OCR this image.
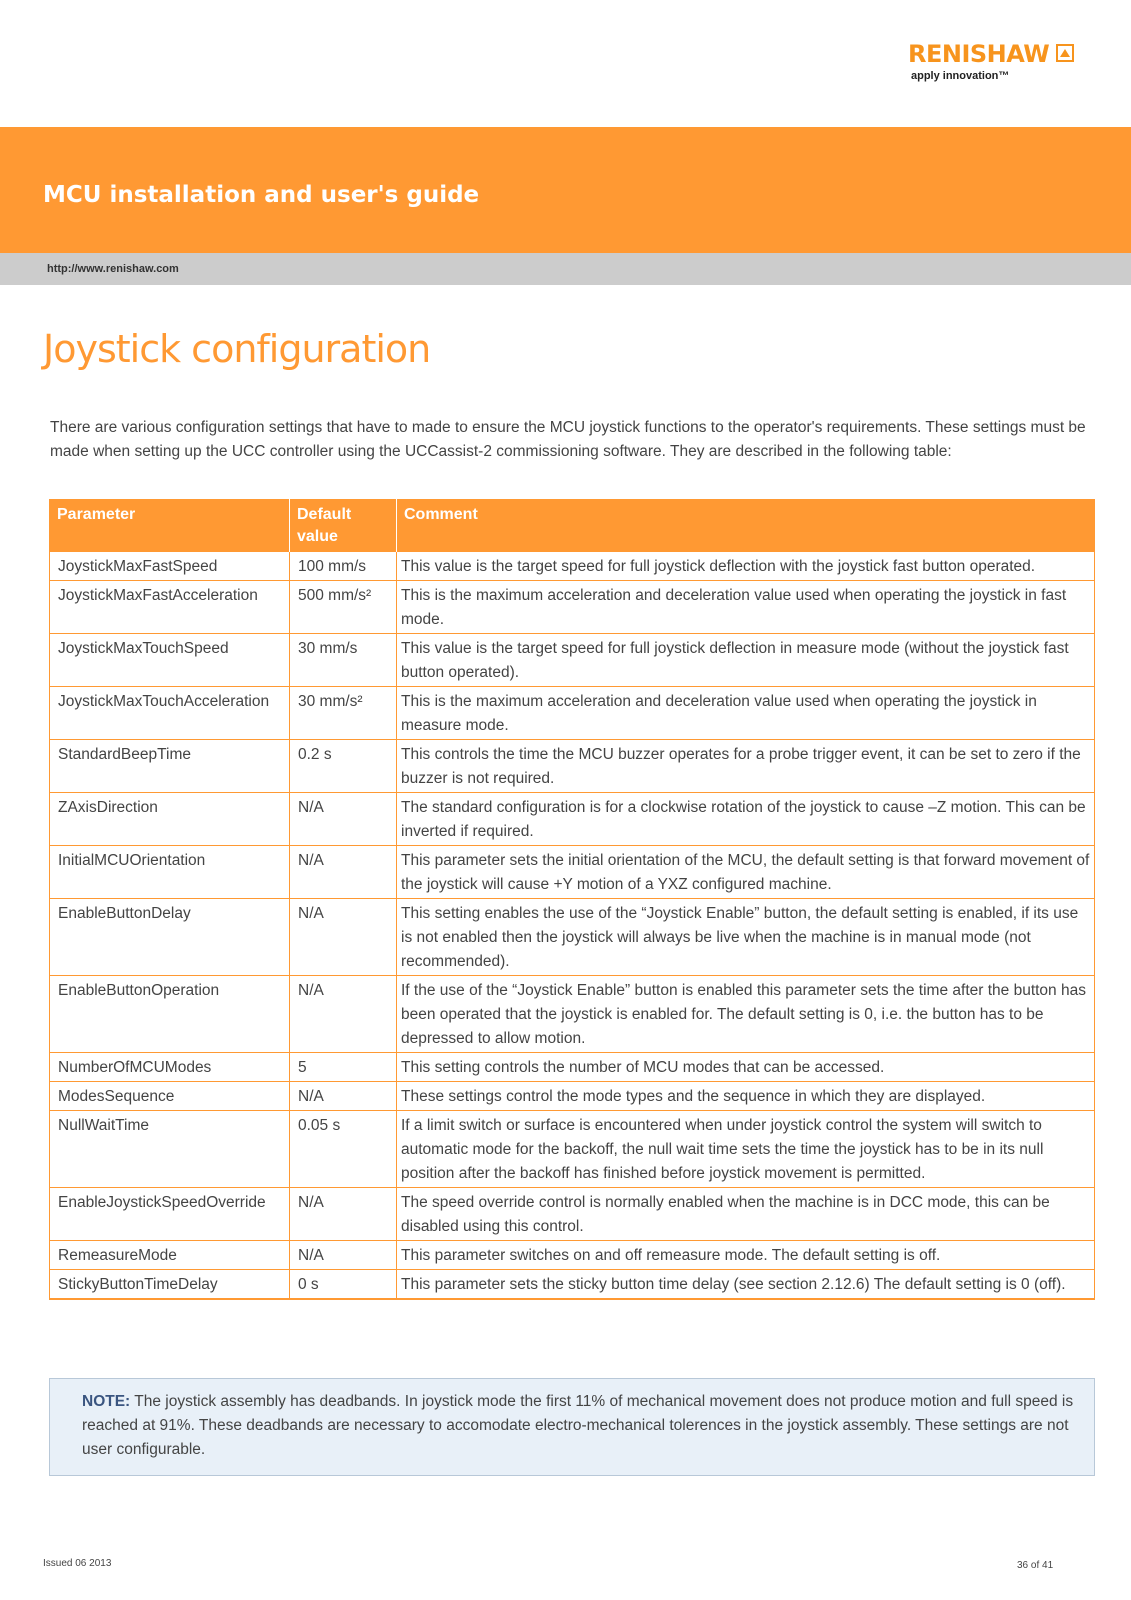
RENISHAW
apply innovation™
MCU installation and user's guide
http://www.renishaw.com
Joystick configuration

There are various configuration settings that have to made to ensure the MCU joystick functions to the operator's requirements. These settings must be made when setting up the UCC controller using the UCCassist-2 commissioning software. They are described in the following table:

Parameter	Default value	Comment
JoystickMaxFastSpeed	100 mm/s	This value is the target speed for full joystick deflection with the joystick fast button operated.
JoystickMaxFastAcceleration	500 mm/s²	This is the maximum acceleration and deceleration value used when operating the joystick in fast mode.
JoystickMaxTouchSpeed	30 mm/s	This value is the target speed for full joystick deflection in measure mode (without the joystick fast button operated).
JoystickMaxTouchAcceleration	30 mm/s²	This is the maximum acceleration and deceleration value used when operating the joystick in measure mode.
StandardBeepTime	0.2 s	This controls the time the MCU buzzer operates for a probe trigger event, it can be set to zero if the buzzer is not required.
ZAxisDirection	N/A	The standard configuration is for a clockwise rotation of the joystick to cause –Z motion. This can be inverted if required.
InitialMCUOrientation	N/A	This parameter sets the initial orientation of the MCU, the default setting is that forward movement of the joystick will cause +Y motion of a YXZ configured machine.
EnableButtonDelay	N/A	This setting enables the use of the “Joystick Enable” button, the default setting is enabled, if its use is not enabled then the joystick will always be live when the machine is in manual mode (not recommended).
EnableButtonOperation	N/A	If the use of the “Joystick Enable” button is enabled this parameter sets the time after the button has been operated that the joystick is enabled for. The default setting is 0, i.e. the button has to be depressed to allow motion.
NumberOfMCUModes	5	This setting controls the number of MCU modes that can be accessed.
ModesSequence	N/A	These settings control the mode types and the sequence in which they are displayed.
NullWaitTime	0.05 s	If a limit switch or surface is encountered when under joystick control the system will switch to automatic mode for the backoff, the null wait time sets the time the joystick has to be in its null position after the backoff has finished before joystick movement is permitted.
EnableJoystickSpeedOverride	N/A	The speed override control is normally enabled when the machine is in DCC mode, this can be disabled using this control.
RemeasureMode	N/A	This parameter switches on and off remeasure mode. The default setting is off.
StickyButtonTimeDelay	0 s	This parameter sets the sticky button time delay (see section 2.12.6) The default setting is 0 (off).
NOTE: The joystick assembly has deadbands. In joystick mode the first 11% of mechanical movement does not produce motion and full speed is reached at 91%. These deadbands are necessary to accomodate electro-mechanical tolerences in the joystick assembly. These settings are not user configurable.
Issued 06 2013	36 of 41
